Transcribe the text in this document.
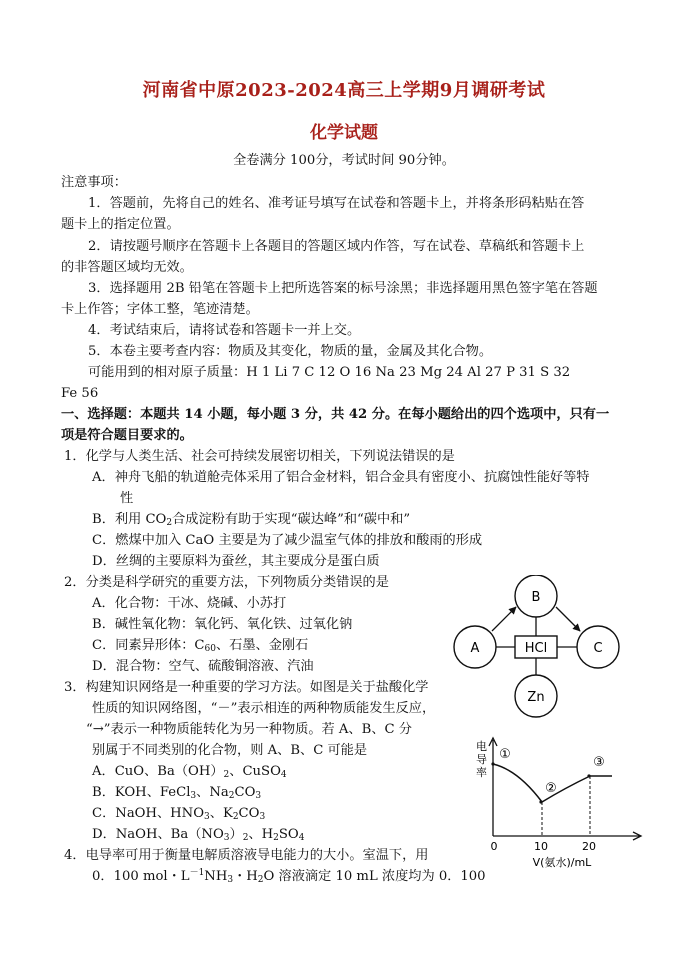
河南省中原2023-2024高三上学期9月调研考试
化学试题
全卷满分 100分，考试时间 90分钟。
注意事项：
1．答题前，先将自己的姓名、准考证号填写在试卷和答题卡上，并将条形码粘贴在答
题卡上的指定位置。
2．请按题号顺序在答题卡上各题目的答题区域内作答，写在试卷、草稿纸和答题卡上
的非答题区域均无效。
3．选择题用 2B 铅笔在答题卡上把所选答案的标号涂黑；非选择题用黑色签字笔在答题
卡上作答；字体工整，笔迹清楚。
4．考试结束后，请将试卷和答题卡一并上交。
5．本卷主要考查内容：物质及其变化，物质的量，金属及其化合物。
可能用到的相对原子质量：H 1 Li 7 C 12 O 16 Na 23 Mg 24 Al 27 P 31 S 32
Fe 56
一、选择题：本题共 14 小题，每小题 3 分，共 42 分。在每小题给出的四个选项中，只有一
项是符合题目要求的。
1．化学与人类生活、社会可持续发展密切相关，下列说法错误的是
A．神舟飞船的轨道舱壳体采用了铝合金材料，铝合金具有密度小、抗腐蚀性能好等特
性
B．利用 $CO_2$合成淀粉有助于实现“碳达峰”和“碳中和”
C．燃煤中加入 CaO 主要是为了减少温室气体的排放和酸雨的形成
D．丝绸的主要原料为蚕丝，其主要成分是蛋白质
2．分类是科学研究的重要方法，下列物质分类错误的是
A．化合物：干冰、烧碱、小苏打
B．碱性氧化物：氧化钙、氧化铁、过氧化钠
C．同素异形体：$C_{60}$、石墨、金刚石
D．混合物：空气、硫酸铜溶液、汽油
3．构建知识网络是一种重要的学习方法。如图是关于盐酸化学
性质的知识网络图，“－”表示相连的两种物质能发生反应，
“→”表示一种物质能转化为另一种物质。若 A、B、C 分
别属于不同类别的化合物，则 A、B、C 可能是
A．CuO、$Ba(OH)_2$、CuSO$_4$
B．KOH、FeCl$_3$、$Na_2CO_3$
C．NaOH、$HNO_3$、$K_2CO_3$
D．NaOH、$Ba(NO_3)_2$、$H_2SO_4$
4．电导率可用于衡量电解质溶液导电能力的大小。室温下，用
0．100 mol・$L^{-1}NH_3$・$H_2O$ 溶液滴定 10 mL 浓度均为 0．100
B
A	C
Zn
HCl
电
导
率
0	10	20
①
②
③
V(氨水)/mL
